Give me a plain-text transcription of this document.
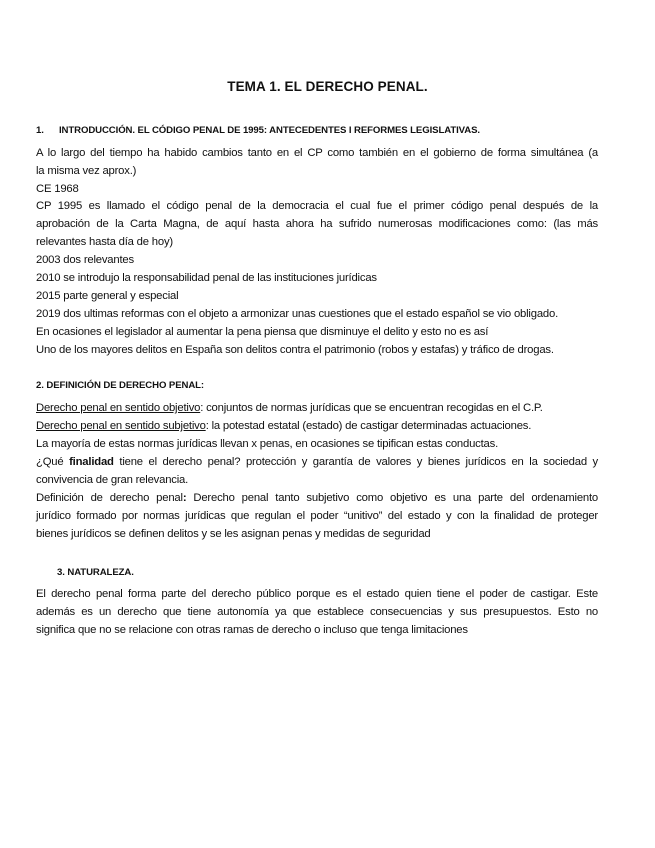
TEMA 1. EL DERECHO PENAL.
1. INTRODUCCIÓN. EL CÓDIGO PENAL DE 1995: ANTECEDENTES I REFORMES LEGISLATIVAS.
A lo largo del tiempo ha habido cambios tanto en el CP como también en el gobierno de forma simultánea (a
la misma vez aprox.)
CE 1968
CP 1995 es llamado el código penal de la democracia el cual fue el primer código penal después de la
aprobación de la Carta Magna, de aquí hasta ahora ha sufrido numerosas modificaciones como: (las más
relevantes hasta día de hoy)
2003 dos relevantes
2010 se introdujo la responsabilidad penal de las instituciones jurídicas
2015 parte general y especial
2019 dos ultimas reformas con el objeto a armonizar unas cuestiones que el estado español se vio obligado.
En ocasiones el legislador al aumentar la pena piensa que disminuye el delito y esto no es así
Uno de los mayores delitos en España son delitos contra el patrimonio (robos y estafas) y tráfico de drogas.
2. DEFINICIÓN DE DERECHO PENAL:
Derecho penal en sentido objetivo: conjuntos de normas jurídicas que se encuentran recogidas en el C.P.
Derecho penal en sentido subjetivo: la potestad estatal (estado) de castigar determinadas actuaciones.
La mayoría de estas normas jurídicas llevan x penas, en ocasiones se tipifican estas conductas.
¿Qué finalidad tiene el derecho penal? protección y garantía de valores y bienes jurídicos en la sociedad y
convivencia de gran relevancia.
Definición de derecho penal: Derecho penal tanto subjetivo como objetivo es una parte del ordenamiento
jurídico formado por normas jurídicas que regulan el poder “unitivo” del estado y con la finalidad de proteger
bienes jurídicos se definen delitos y se les asignan penas y medidas de seguridad
3. NATURALEZA.
El derecho penal forma parte del derecho público porque es el estado quien tiene el poder de castigar. Este
además es un derecho que tiene autonomía ya que establece consecuencias y sus presupuestos. Esto no
significa que no se relacione con otras ramas de derecho o incluso que tenga limitaciones
